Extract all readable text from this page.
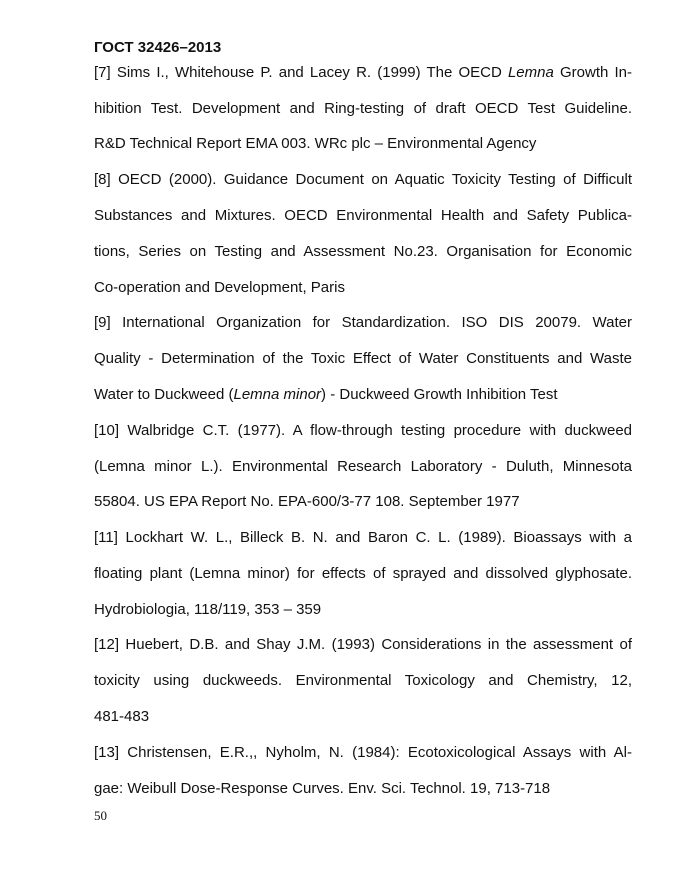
ГОСТ 32426–2013
[7] Sims I., Whitehouse P. and Lacey R. (1999) The OECD Lemna Growth In-
hibition Test. Development and Ring-testing of draft OECD Test Guideline.
R&D Technical Report EMA 003. WRc plc – Environmental Agency
[8] OECD (2000). Guidance Document on Aquatic Toxicity Testing of Difficult
Substances and Mixtures. OECD Environmental Health and Safety Publica-
tions, Series on Testing and Assessment No.23. Organisation for Economic
Co-operation and Development, Paris
[9] International Organization for Standardization. ISO DIS 20079. Water
Quality - Determination of the Toxic Effect of Water Constituents and Waste
Water to Duckweed (Lemna minor) - Duckweed Growth Inhibition Test
[10] Walbridge C.T. (1977). A flow-through testing procedure with duckweed
(Lemna minor L.). Environmental Research Laboratory - Duluth, Minnesota
55804. US EPA Report No. EPA-600/3-77 108. September 1977
[11] Lockhart W. L., Billeck B. N. and Baron C. L. (1989). Bioassays with a
floating plant (Lemna minor) for effects of sprayed and dissolved glyphosate.
Hydrobiologia, 118/119, 353 – 359
[12] Huebert, D.B. and Shay J.M. (1993) Considerations in the assessment of
toxicity using duckweeds. Environmental Toxicology and Chemistry, 12,
481-483
[13] Christensen, E.R.,, Nyholm, N. (1984): Ecotoxicological Assays with Al-
gae: Weibull Dose-Response Curves. Env. Sci. Technol. 19, 713-718
50
